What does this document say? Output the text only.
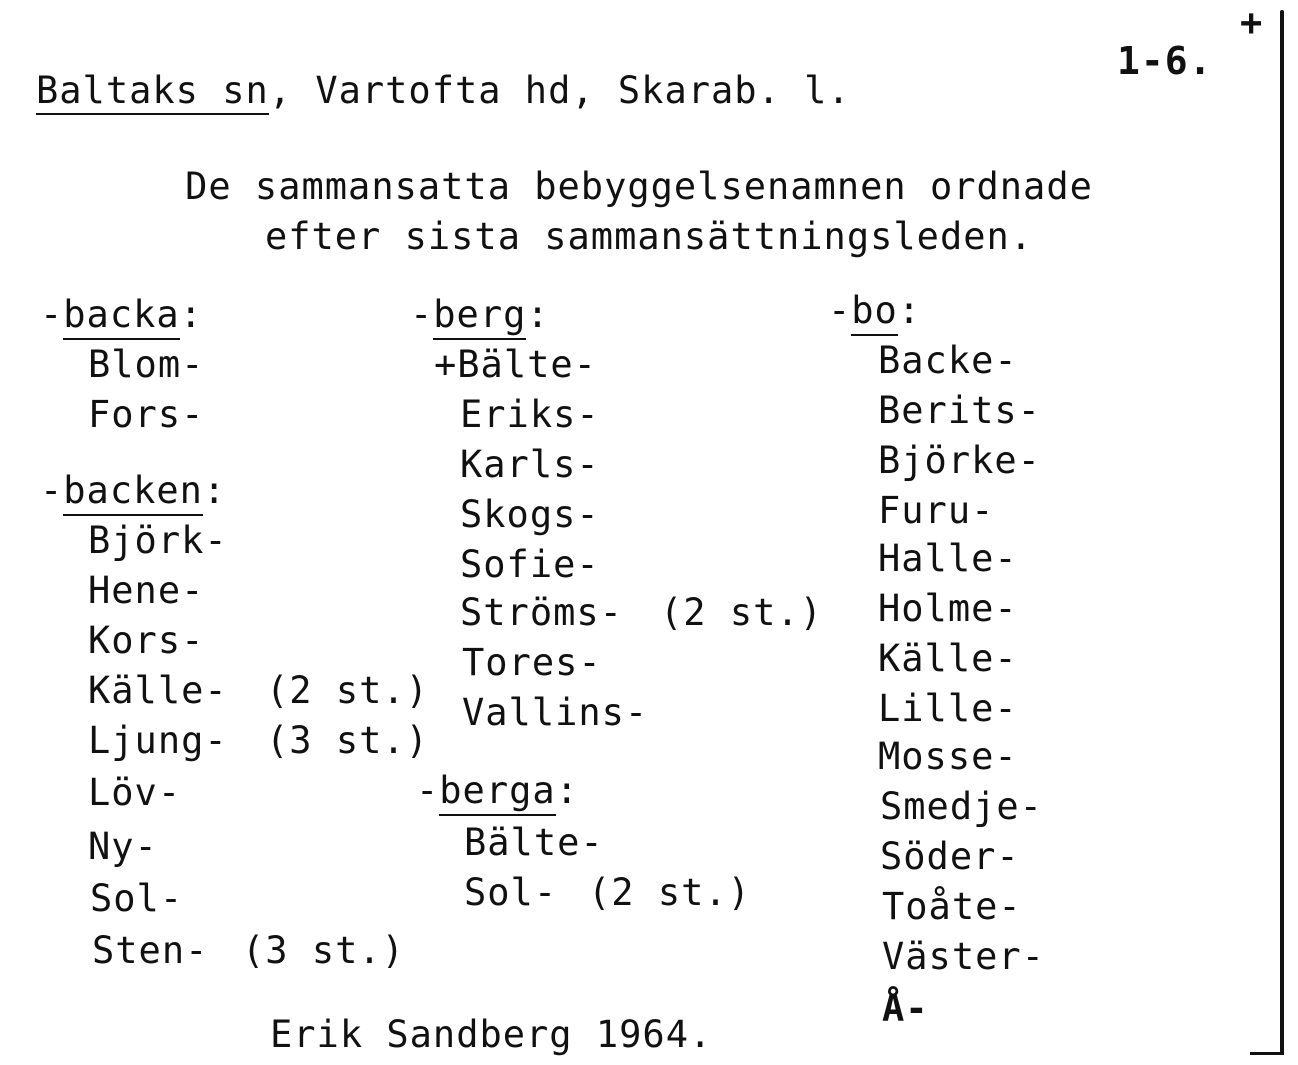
+
1-6.
Baltaks sn, Vartofta hd, Skarab. l.
De sammansatta bebyggelsenamnen ordnade
efter sista sammansättningsleden.
-backa:
Blom-
Fors-
-backen:
Björk-
Hene-
Kors-
Källe- (2 st.)
Ljung- (3 st.)
Löv-
Ny-
Sol-
Sten- (3 st.)
-berg:
+Bälte-
Eriks-
Karls-
Skogs-
Sofie-
Ströms- (2 st.)
Tores-
Vallins-
-berga:
Bälte-
Sol- (2 st.)
-bo:
Backe-
Berits-
Björke-
Furu-
Halle-
Holme-
Källe-
Lille-
Mosse-
Smedje-
Söder-
Toåte-
Väster-
Å-
Erik Sandberg 1964.
